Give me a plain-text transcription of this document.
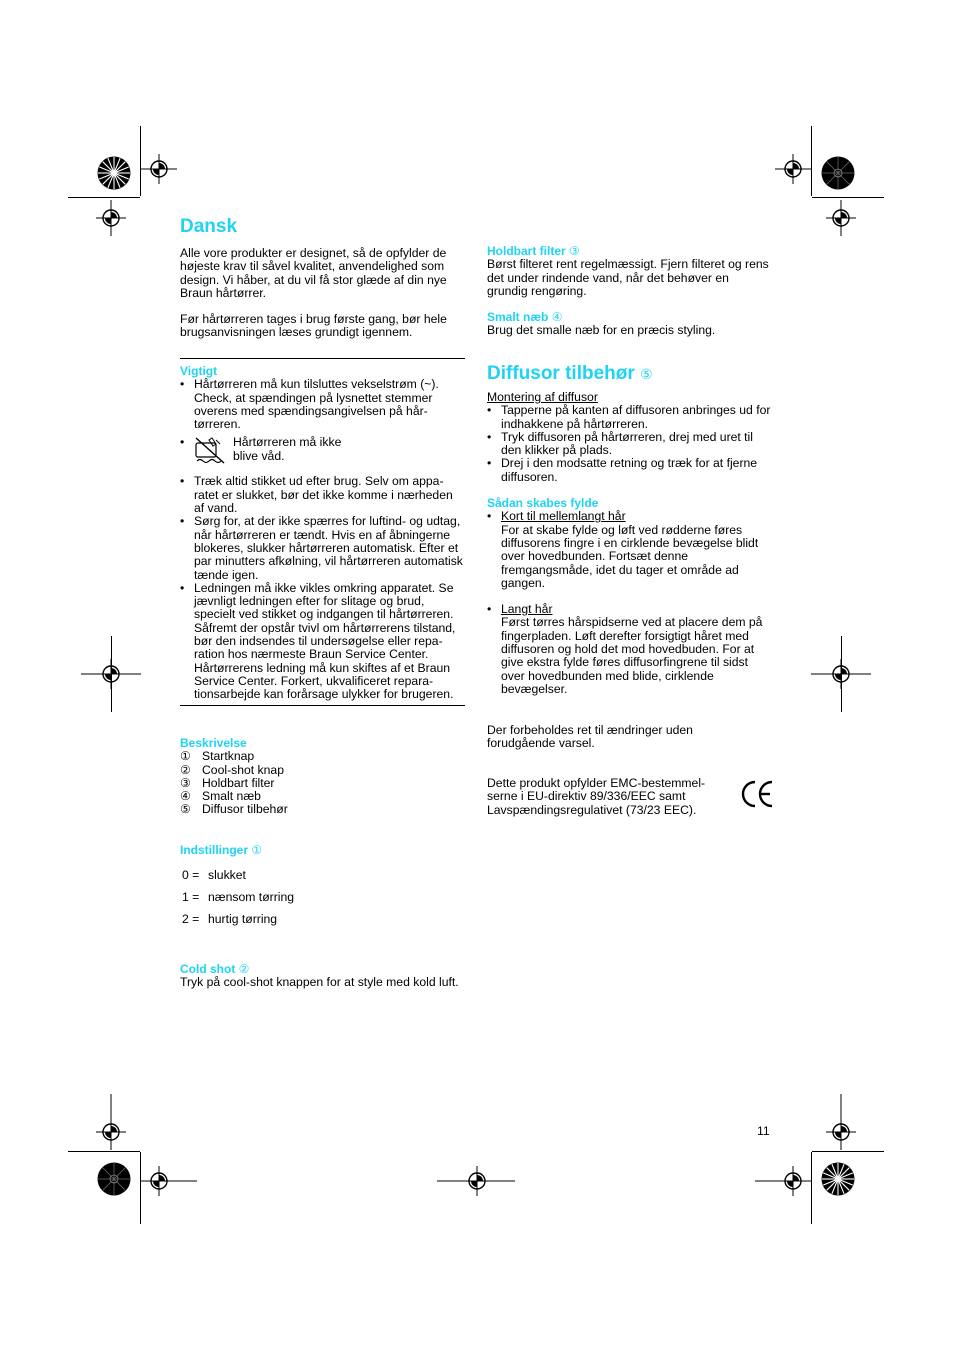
Dansk

Alle vore produkter er designet, så de opfylder de højeste krav til såvel kvalitet, anvendelighed som design. Vi håber, at du vil få stor glæde af din nye Braun hårtørrer.

Før hårtørreren tages i brug første gang, bør hele brugsanvisningen læses grundigt igennem.

Vigtigt
• Hårtørreren må kun tilsluttes vekselstrøm (~). Check, at spændingen på lysnettet stemmer overens med spændingsangivelsen på hår-tørreren.
• Hårtørreren må ikke blive våd.
• Træk altid stikket ud efter brug. Selv om appa-ratet er slukket, bør det ikke komme i nærheden af vand.
• Sørg for, at der ikke spærres for luftind- og udtag, når hårtørreren er tændt. Hvis en af åbningerne blokeres, slukker hårtørreren automatisk. Efter et par minutters afkølning, vil hårtørreren automatisk tænde igen.
• Ledningen må ikke vikles omkring apparatet. Se jævnligt ledningen efter for slitage og brud, specielt ved stikket og indgangen til hårtørreren. Såfremt der opstår tvivl om hårtørrerens tilstand, bør den indsendes til undersøgelse eller repa-ration hos nærmeste Braun Service Center. Hårtørrerens ledning må kun skiftes af et Braun Service Center. Forkert, ukvalificeret repara-tionsarbejde kan forårsage ulykker for brugeren.
Beskrivelse
① Startknap
② Cool-shot knap
③ Holdbart filter
④ Smalt næb
⑤ Diffusor tilbehør
Indstillinger ①
0 = slukket
1 = nænsom tørring
2 = hurtig tørring
Cold shot ②

Tryk på cool-shot knappen for at style med kold luft.

Holdbart filter ③

Børst filteret rent regelmæssigt. Fjern filteret og rens det under rindende vand, når det behøver en grundig rengøring.

Smalt næb ④

Brug det smalle næb for en præcis styling.

Diffusor tilbehør ⑤
Montering af diffusor
• Tapperne på kanten af diffusoren anbringes ud for indhakkene på hårtørreren.
• Tryk diffusoren på hårtørreren, drej med uret til den klikker på plads.
• Drej i den modsatte retning og træk for at fjerne diffusoren.
Sådan skabes fylde
• Kort til mellemlangt hår
For at skabe fylde og løft ved rødderne føres diffusorens fingre i en cirklende bevægelse blidt over hovedbunden. Fortsæt denne fremgangsmåde, idet du tager et område ad gangen.
• Langt hår
Først tørres hårspidserne ved at placere dem på fingerpladen. Løft derefter forsigtigt håret med diffusoren og hold det mod hovedbuden. For at give ekstra fylde føres diffusorfingrene til sidst over hovedbunden med blide, cirklende bevægelser.

Der forbeholdes ret til ændringer uden forudgående varsel.

Dette produkt opfylder EMC-bestemmel-serne i EU-direktiv 89/336/EEC samt Lavspændingsregulativet (73/23 EEC).

11
